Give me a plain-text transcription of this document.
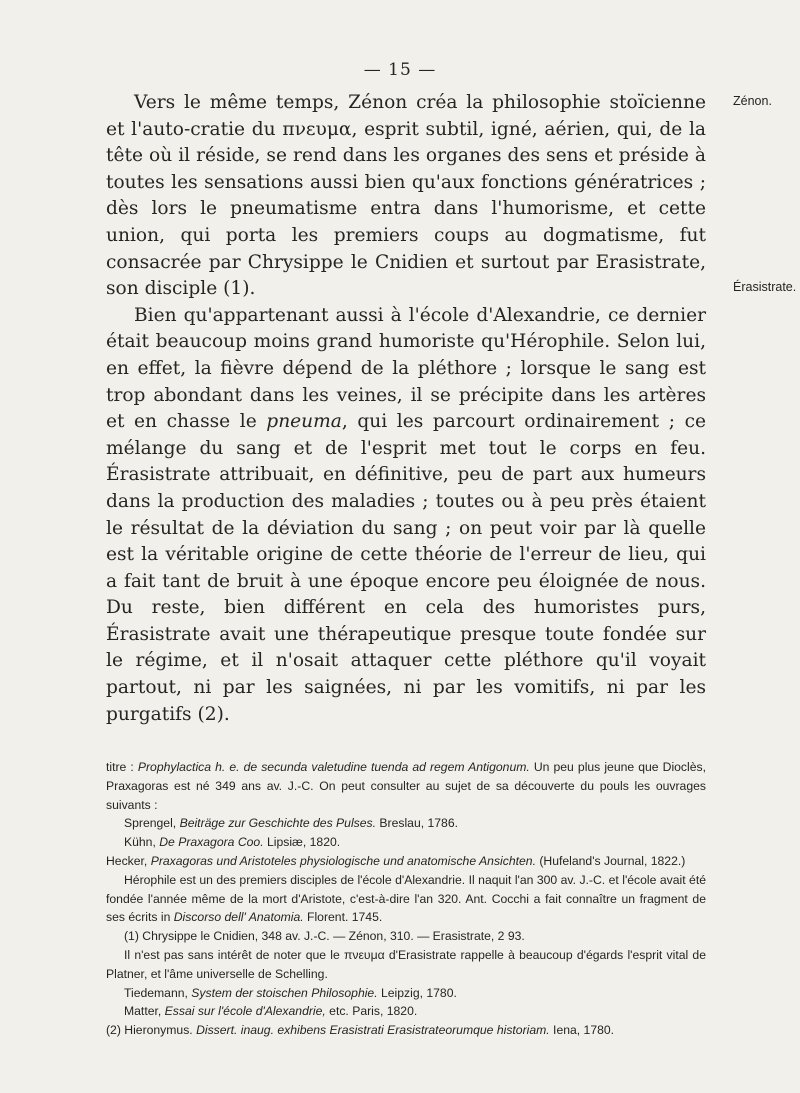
— 15 —
Zénon.
Érasistrate.

Vers le même temps, Zénon créa la philosophie stoïcienne et l'auto-cratie du πνευμα, esprit subtil, igné, aérien, qui, de la tête où il réside, se rend dans les organes des sens et préside à toutes les sensations aussi bien qu'aux fonctions génératrices ; dès lors le pneumatisme entra dans l'humorisme, et cette union, qui porta les premiers coups au dogmatisme, fut consacrée par Chrysippe le Cnidien et surtout par Erasistrate, son disciple (1).

Bien qu'appartenant aussi à l'école d'Alexandrie, ce dernier était beaucoup moins grand humoriste qu'Hérophile. Selon lui, en effet, la fièvre dépend de la pléthore ; lorsque le sang est trop abondant dans les veines, il se précipite dans les artères et en chasse le pneuma, qui les parcourt ordinairement ; ce mélange du sang et de l'esprit met tout le corps en feu. Érasistrate attribuait, en définitive, peu de part aux humeurs dans la production des maladies ; toutes ou à peu près étaient le résultat de la déviation du sang ; on peut voir par là quelle est la véritable origine de cette théorie de l'erreur de lieu, qui a fait tant de bruit à une époque encore peu éloignée de nous. Du reste, bien différent en cela des humoristes purs, Érasistrate avait une thérapeutique presque toute fondée sur le régime, et il n'osait attaquer cette pléthore qu'il voyait partout, ni par les saignées, ni par les vomitifs, ni par les purgatifs (2).

titre : Prophylactica h. e. de secunda valetudine tuenda ad regem Antigonum. Un peu plus jeune que Dioclès, Praxagoras est né 349 ans av. J.-C. On peut consulter au sujet de sa découverte du pouls les ouvrages suivants :

Sprengel, Beiträge zur Geschichte des Pulses. Breslau, 1786.

Kühn, De Praxagora Coo. Lipsiæ, 1820.

Hecker, Praxagoras und Aristoteles physiologische und anatomische Ansichten. (Hufeland's Journal, 1822.)

Hérophile est un des premiers disciples de l'école d'Alexandrie. Il naquit l'an 300 av. J.-C. et l'école avait été fondée l'année même de la mort d'Aristote, c'est-à-dire l'an 320. Ant. Cocchi a fait connaître un fragment de ses écrits in Discorso dell' Anatomia. Florent. 1745.

(1) Chrysippe le Cnidien, 348 av. J.-C. — Zénon, 310. — Erasistrate, 2 93.

Il n'est pas sans intérêt de noter que le πνευμα d'Erasistrate rappelle à beaucoup d'égards l'esprit vital de Platner, et l'âme universelle de Schelling.

Tiedemann, System der stoischen Philosophie. Leipzig, 1780.

Matter, Essai sur l'école d'Alexandrie, etc. Paris, 1820.

(2) Hieronymus. Dissert. inaug. exhibens Erasistrati Erasistrateorumque historiam. Iena, 1780.
